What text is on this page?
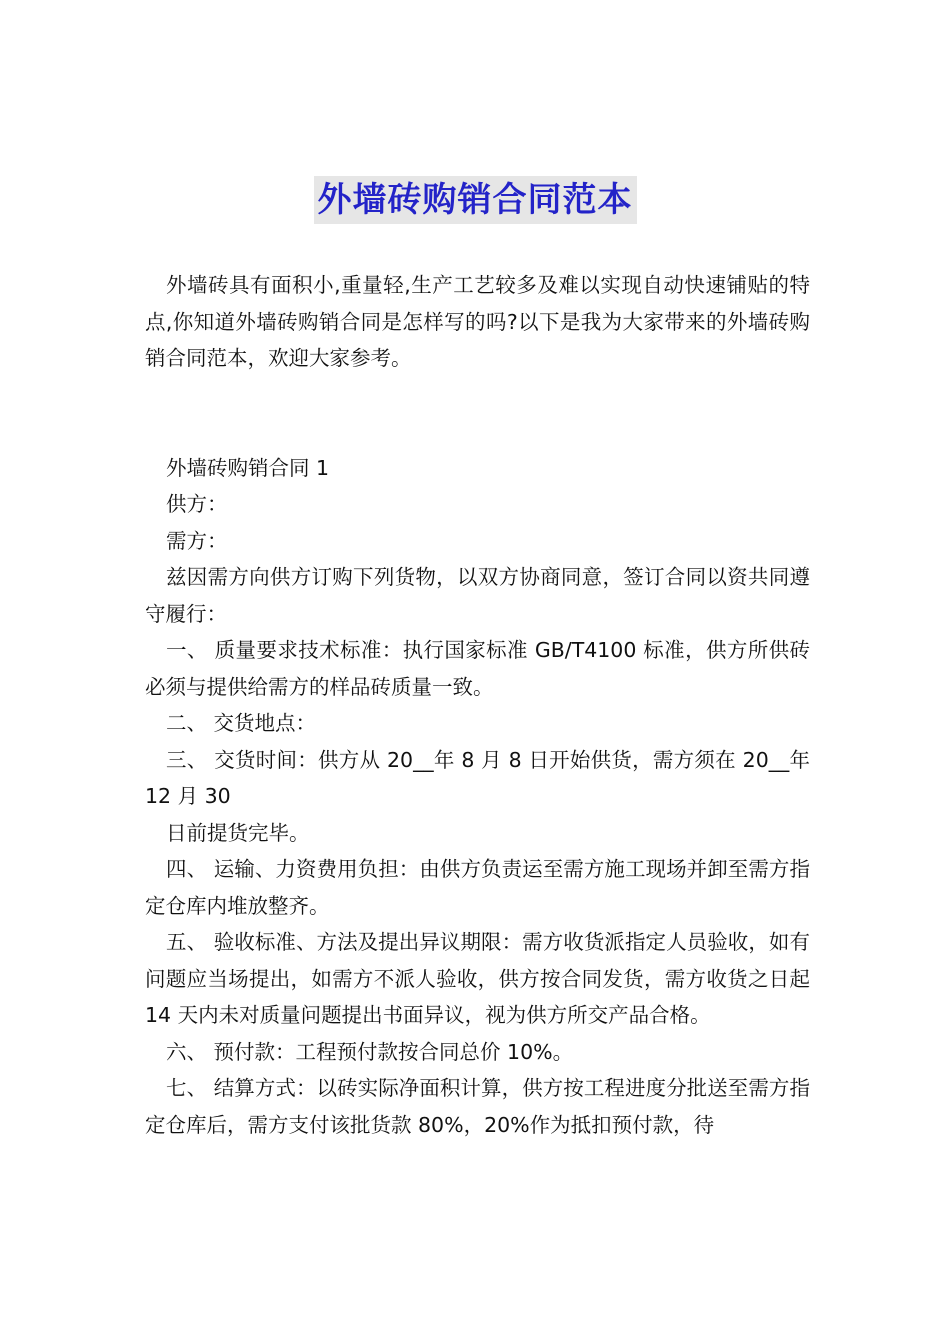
外墙砖购销合同范本

外墙砖具有面积小,重量轻,生产工艺较多及难以实现自动快速铺贴的特点,你知道外墙砖购销合同是怎样写的吗?以下是我为大家带来的外墙砖购销合同范本，欢迎大家参考。

外墙砖购销合同 1

供方：

需方：

兹因需方向供方订购下列货物，以双方协商同意，签订合同以资共同遵守履行：

一、 质量要求技术标准：执行国家标准 GB/T4100 标准，供方所供砖必须与提供给需方的样品砖质量一致。

二、 交货地点：

三、 交货时间：供方从 20__年 8 月 8 日开始供货，需方须在 20__年 12 月 30

日前提货完毕。

四、 运输、力资费用负担：由供方负责运至需方施工现场并卸至需方指定仓库内堆放整齐。

五、 验收标准、方法及提出异议期限：需方收货派指定人员验收，如有问题应当场提出，如需方不派人验收，供方按合同发货，需方收货之日起 14 天内未对质量问题提出书面异议，视为供方所交产品合格。

六、 预付款：工程预付款按合同总价 10%。

七、 结算方式：以砖实际净面积计算，供方按工程进度分批送至需方指定仓库后，需方支付该批货款 80%，20%作为抵扣预付款，待
